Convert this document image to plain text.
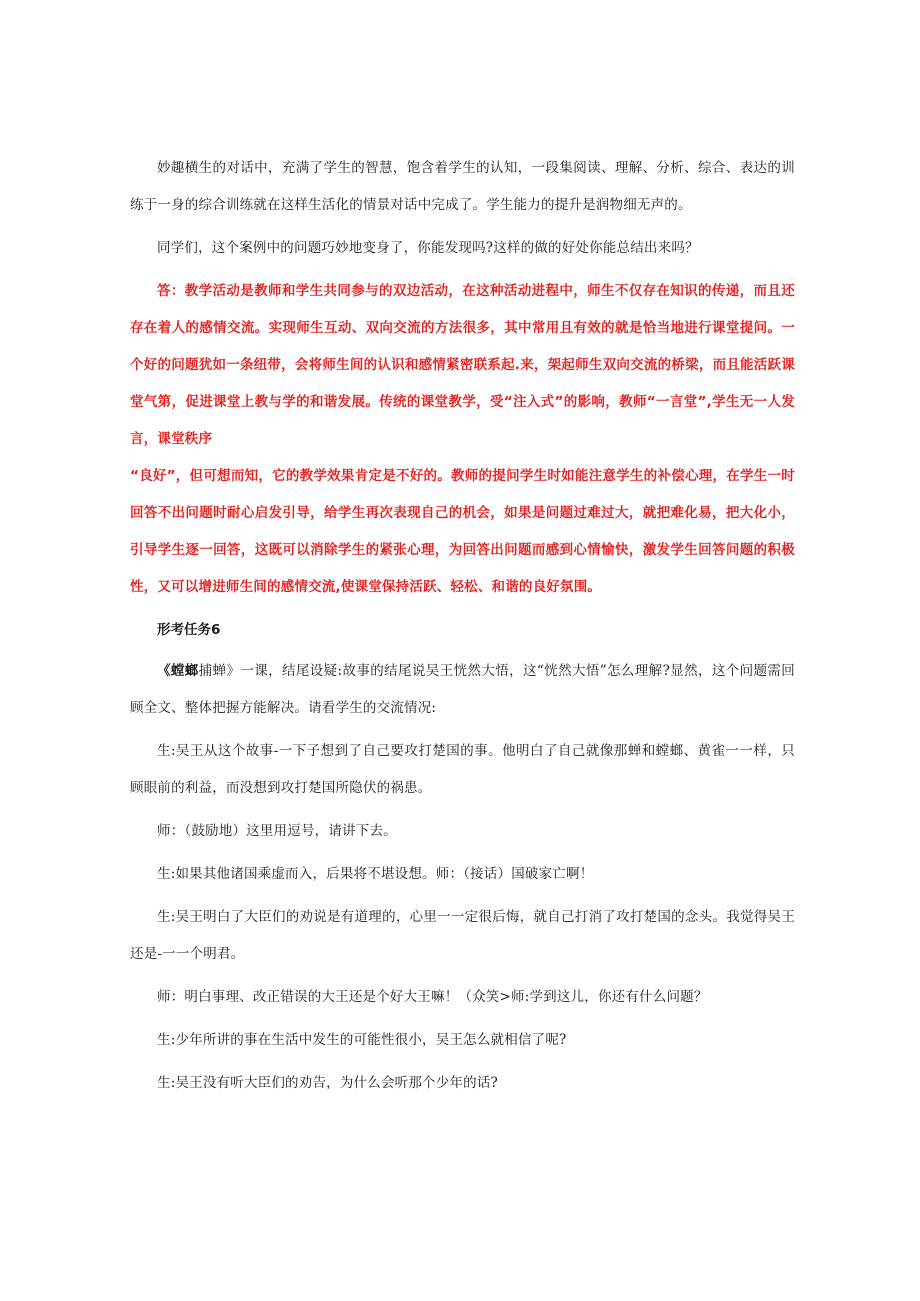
妙趣横生的对话中，充满了学生的智慧，饱含着学生的认知，一段集阅读、理解、分析、综合、表达的训练于一身的综合训练就在这样生活化的情景对话中完成了。学生能力的提升是润物细无声的。

同学们，这个案例中的问题巧妙地变身了，你能发现吗?这样的做的好处你能总结出来吗？

答：教学活动是教师和学生共同参与的双边活动，在这种活动进程中，师生不仅存在知识的传递，而且还存在着人的感情交流。实现师生互动、双向交流的方法很多，其中常用且有效的就是恰当地进行课堂提问。一个好的问题犹如一条纽带，会将师生间的认识和感情紧密联系起.来，架起师生双向交流的桥梁，而且能活跃课堂气第，促进课堂上教与学的和谐发展。传统的课堂教学，受“注入式”的影响，教师“一言堂”,学生无一人发言，课堂秩序

“良好”，但可想而知，它的教学效果肯定是不好的。教师的提问学生时如能注意学生的补偿心理，在学生一时回答不出问题时耐心启发引导，给学生再次表现自己的机会，如果是问题过难过大，就把难化易，把大化小，引导学生逐一回答，这既可以消除学生的紧张心理，为回答出问题而感到心情愉快，激发学生回答问题的积极性，又可以增进师生间的感情交流,使课堂保持活跃、轻松、和谐的良好氛围。

形考任务6

《螳螂捕蝉》一课，结尾设疑:故事的结尾说吴王恍然大悟，这“恍然大悟”怎么理解?显然，这个问题需回顾全文、整体把握方能解决。请看学生的交流情况:

生:吴王从这个故事-一下子想到了自己要攻打楚国的事。他明白了自己就像那蝉和螳螂、黄雀一一样，只顾眼前的利益，而没想到攻打楚国所隐伏的祸患。

师：（鼓励地）这里用逗号，请讲下去。

生:如果其他诸国乘虚而入，后果将不堪设想。师：（接话）国破家亡啊！

生:吴王明白了大臣们的劝说是有道理的，心里一一定很后悔，就自己打消了攻打楚国的念头。我觉得吴王还是-一一个明君。

师：明白事理、改正错误的大王还是个好大王嘛！（众笑>师:学到这儿，你还有什么问题？

生:少年所讲的事在生活中发生的可能性很小，吴王怎么就相信了呢?

生:吴王没有听大臣们的劝告，为什么会听那个少年的话?
